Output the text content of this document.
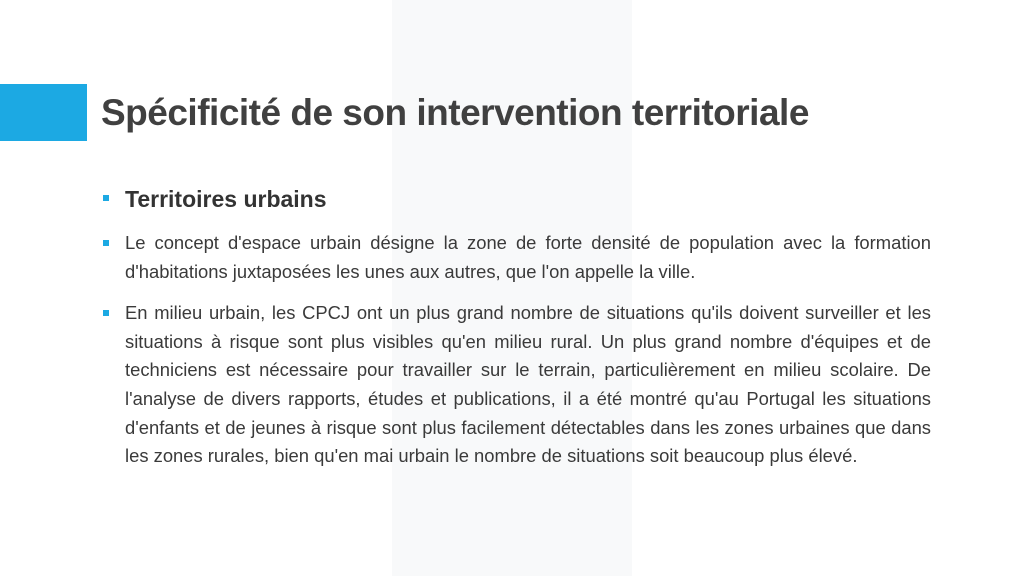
Spécificité de son intervention territoriale
Territoires urbains
Le concept d'espace urbain désigne la zone de forte densité de population avec la formation d'habitations juxtaposées les unes aux autres, que l'on appelle la ville.
En milieu urbain, les CPCJ ont un plus grand nombre de situations qu'ils doivent surveiller et les situations à risque sont plus visibles qu'en milieu rural. Un plus grand nombre d'équipes et de techniciens est nécessaire pour travailler sur le terrain, particulièrement en milieu scolaire. De l'analyse de divers rapports, études et publications, il a été montré qu'au Portugal les situations d'enfants et de jeunes à risque sont plus facilement détectables dans les zones urbaines que dans les zones rurales, bien qu'en mai urbain le nombre de situations soit beaucoup plus élevé.
